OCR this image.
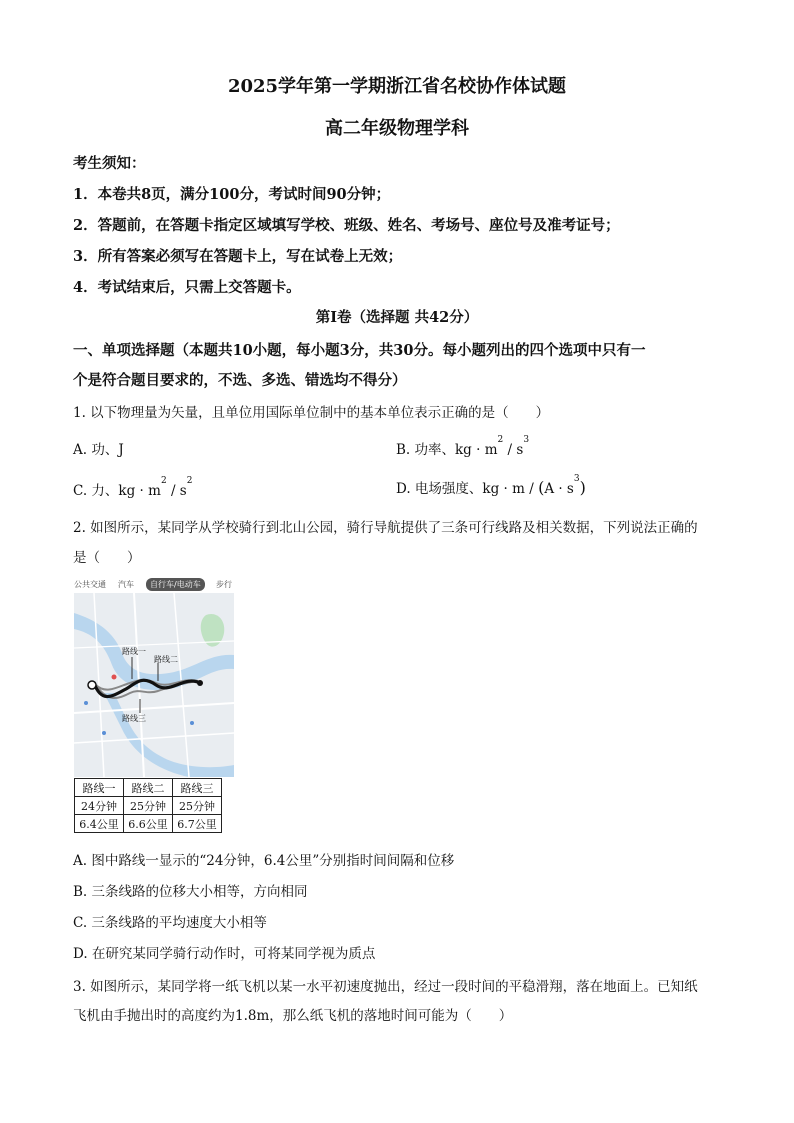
2025学年第一学期浙江省名校协作体试题
高二年级物理学科
考生须知：
1．本卷共8页，满分100分，考试时间90分钟；
2．答题前，在答题卡指定区域填写学校、班级、姓名、考场号、座位号及准考证号；
3．所有答案必须写在答题卡上，写在试卷上无效；
4．考试结束后，只需上交答题卡。
第Ⅰ卷（选择题 共42分）
一、单项选择题（本题共10小题，每小题3分，共30分。每小题列出的四个选项中只有一
个是符合题目要求的，不选、多选、错选均不得分）
1. 以下物理量为矢量，且单位用国际单位制中的基本单位表示正确的是（　　）
A. 功、J	B. 功率、kg · $m^2 / s^3$
C. 力、kg · $m^2 / s^2$	D. 电场强度、kg · $m / (A \cdot s^3)$
2. 如图所示，某同学从学校骑行到北山公园，骑行导航提供了三条可行线路及相关数据，下列说法正确的
是（　　）
公共交通 汽车	自行车/电动车	步行
路线一
路线二
路线三
路线一	路线二	路线三
24分钟	25分钟	25分钟
6.4公里	6.6公里	6.7公里
A. 图中路线一显示的“24分钟，6.4公里”分别指时间间隔和位移
B. 三条线路的位移大小相等，方向相同
C. 三条线路的平均速度大小相等
D. 在研究某同学骑行动作时，可将某同学视为质点
3. 如图所示，某同学将一纸飞机以某一水平初速度抛出，经过一段时间的平稳滑翔，落在地面上。已知纸
飞机由手抛出时的高度约为1.8m，那么纸飞机的落地时间可能为（　　）
